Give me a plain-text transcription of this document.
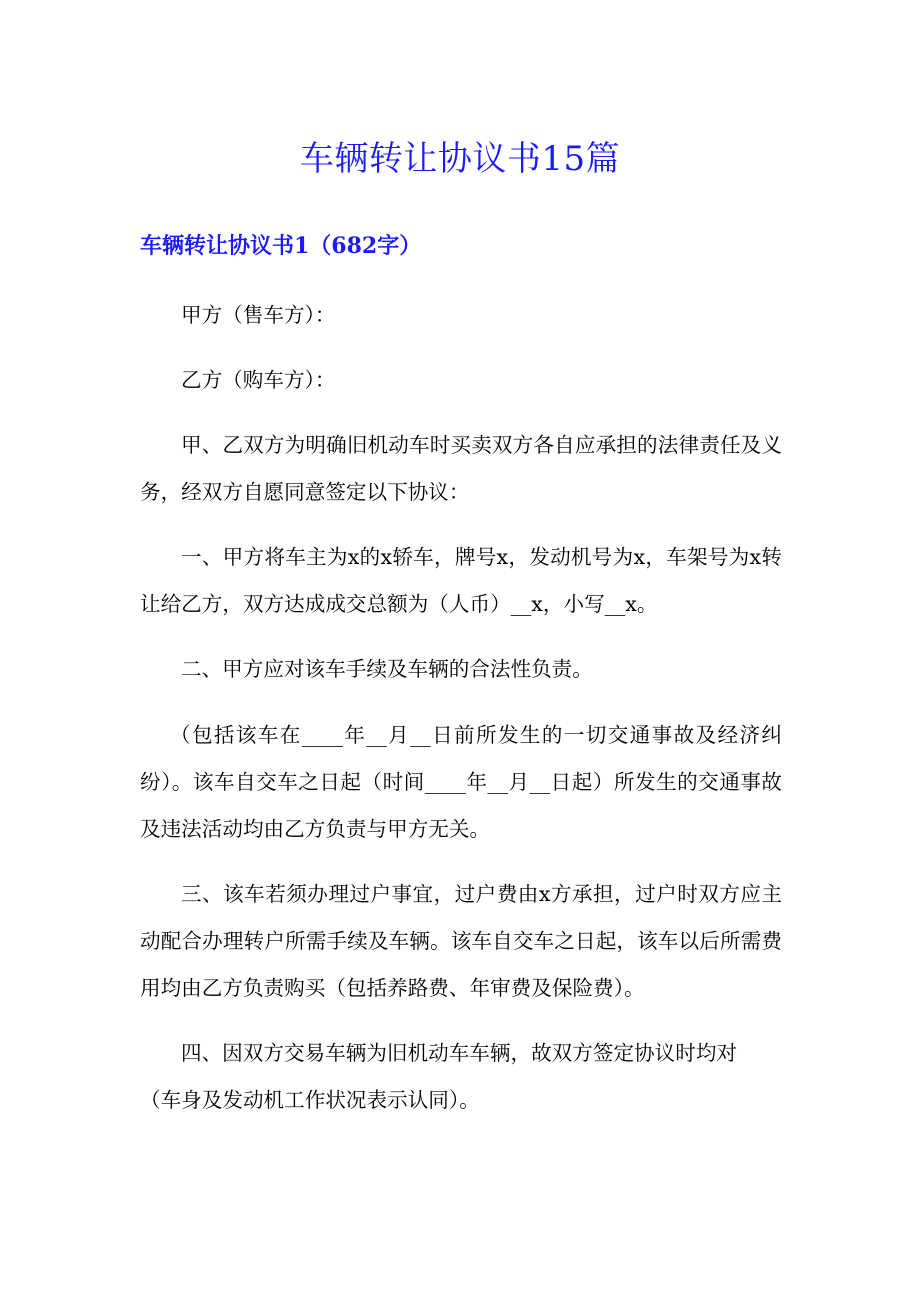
车辆转让协议书15篇
车辆转让协议书1（682字）

甲方（售车方）：

乙方（购车方）：

甲、乙双方为明确旧机动车时买卖双方各自应承担的法律责任及义务，经双方自愿同意签定以下协议：

一、甲方将车主为x的x轿车，牌号x，发动机号为x，车架号为x转让给乙方，双方达成成交总额为（人币）__x，小写__x。

二、甲方应对该车手续及车辆的合法性负责。

（包括该车在____年__月__日前所发生的一切交通事故及经济纠纷）。该车自交车之日起（时间____年__月__日起）所发生的交通事故及违法活动均由乙方负责与甲方无关。

三、该车若须办理过户事宜，过户费由x方承担，过户时双方应主动配合办理转户所需手续及车辆。该车自交车之日起，该车以后所需费用均由乙方负责购买（包括养路费、年审费及保险费）。

四、因双方交易车辆为旧机动车车辆，故双方签定协议时均对

（车身及发动机工作状况表示认同）。
